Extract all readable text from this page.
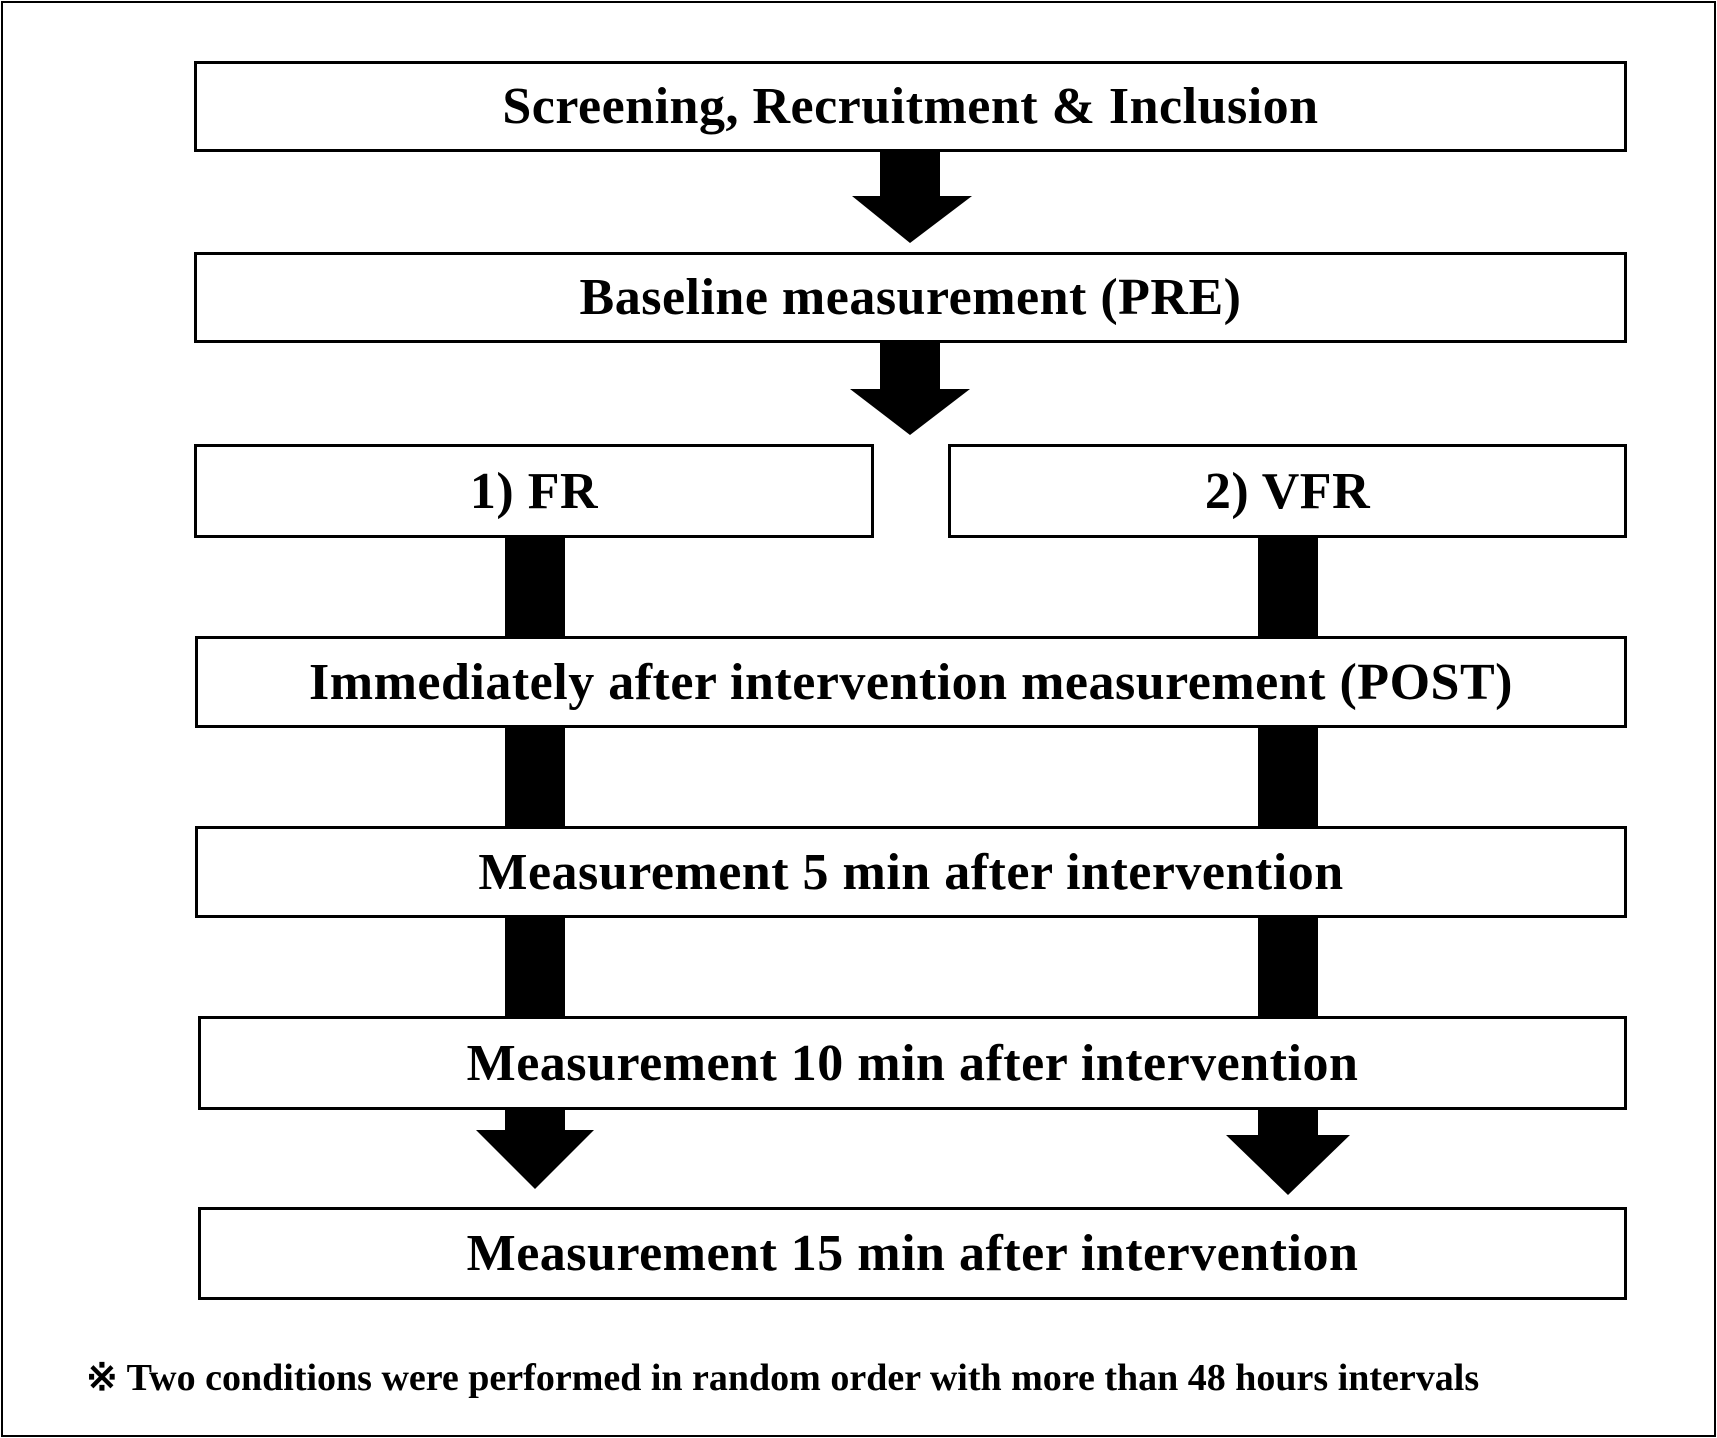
Screening, Recruitment & Inclusion
Baseline measurement (PRE)
1) FR	2) VFR
Immediately after intervention measurement (POST)
Measurement 5 min after intervention
Measurement 10 min after intervention
Measurement 15 min after intervention
※ Two conditions were performed in random order with more than 48 hours intervals
